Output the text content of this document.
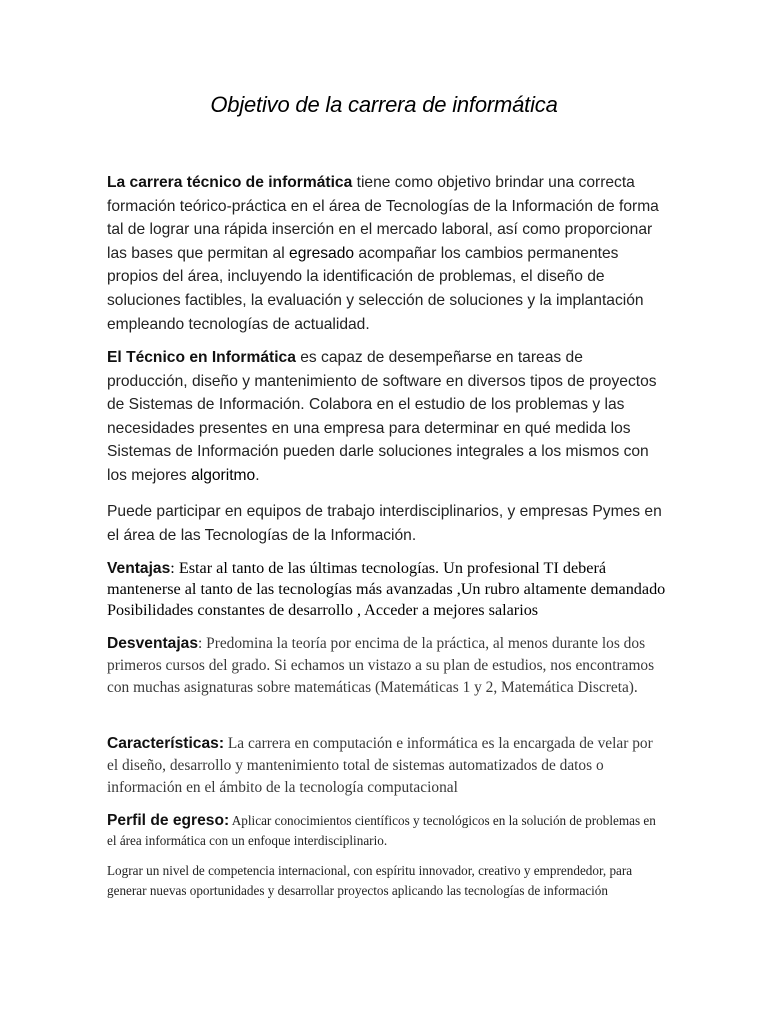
Objetivo de la carrera de informática

La carrera técnico de informática tiene como objetivo brindar una correcta formación teórico-práctica en el área de Tecnologías de la Información de forma tal de lograr una rápida inserción en el mercado laboral, así como proporcionar las bases que permitan al egresado acompañar los cambios permanentes propios del área, incluyendo la identificación de problemas, el diseño de soluciones factibles, la evaluación y selección de soluciones y la implantación empleando tecnologías de actualidad.

El Técnico en Informática es capaz de desempeñarse en tareas de producción, diseño y mantenimiento de software en diversos tipos de proyectos de Sistemas de Información. Colabora en el estudio de los problemas y las necesidades presentes en una empresa para determinar en qué medida los Sistemas de Información pueden darle soluciones integrales a los mismos con los mejores algoritmo.

Puede participar en equipos de trabajo interdisciplinarios, y empresas Pymes en el área de las Tecnologías de la Información.

Ventajas: Estar al tanto de las últimas tecnologías. Un profesional TI deberá mantenerse al tanto de las tecnologías más avanzadas ,Un rubro altamente demandado Posibilidades constantes de desarrollo , Acceder a mejores salarios

Desventajas: Predomina la teoría por encima de la práctica, al menos durante los dos primeros cursos del grado. Si echamos un vistazo a su plan de estudios, nos encontramos con muchas asignaturas sobre matemáticas (Matemáticas 1 y 2, Matemática Discreta).

Características: La carrera en computación e informática es la encargada de velar por el diseño, desarrollo y mantenimiento total de sistemas automatizados de datos o información en el ámbito de la tecnología computacional

Perfil de egreso: Aplicar conocimientos científicos y tecnológicos en la solución de problemas en el área informática con un enfoque interdisciplinario.

Lograr un nivel de competencia internacional, con espíritu innovador, creativo y emprendedor, para generar nuevas oportunidades y desarrollar proyectos aplicando las tecnologías de información
